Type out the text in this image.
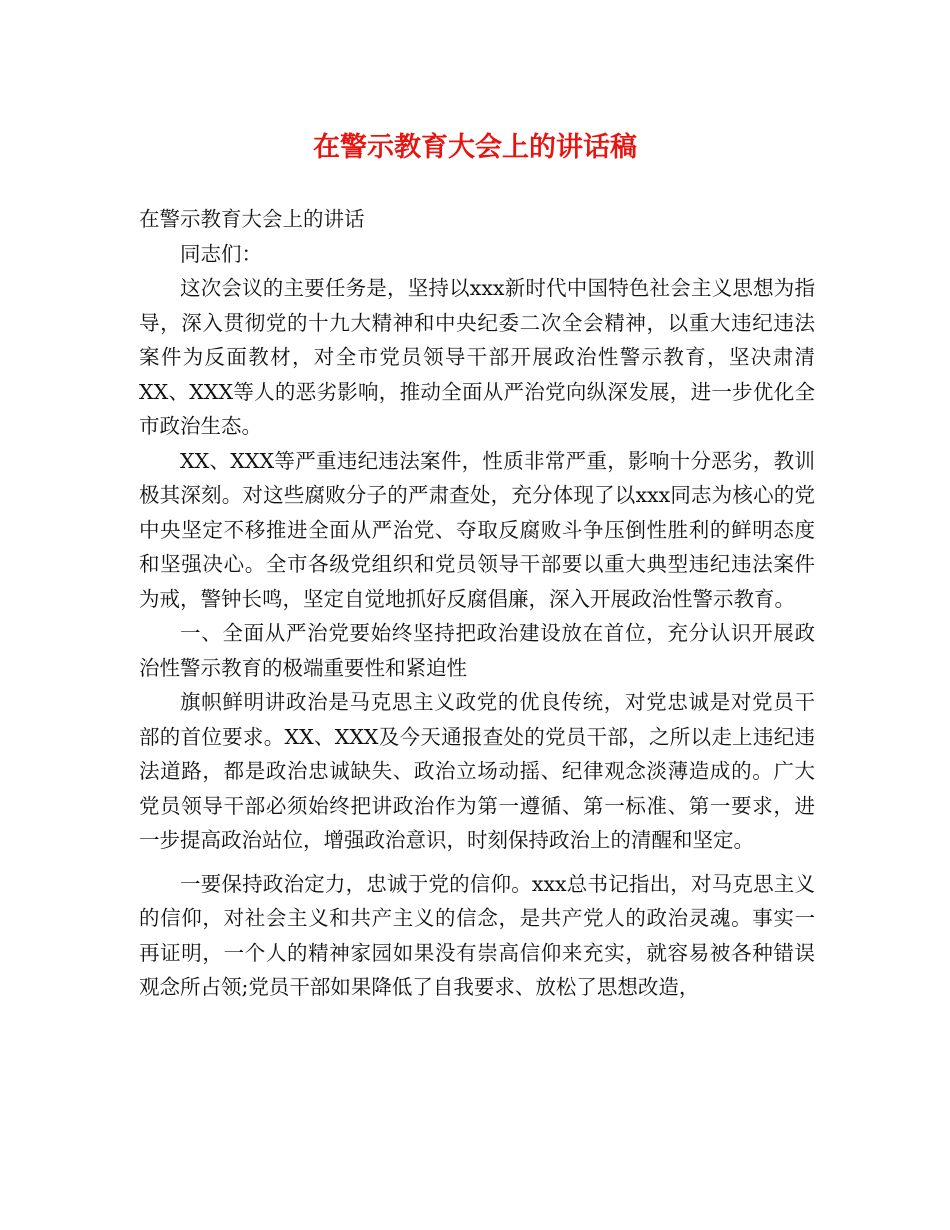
在警示教育大会上的讲话稿

在警示教育大会上的讲话

同志们：

这次会议的主要任务是，坚持以xxx新时代中国特色社会主义思想为指导，深入贯彻党的十九大精神和中央纪委二次全会精神，以重大违纪违法案件为反面教材，对全市党员领导干部开展政治性警示教育，坚决肃清XX、XXX等人的恶劣影响，推动全面从严治党向纵深发展，进一步优化全市政治生态。

XX、XXX等严重违纪违法案件，性质非常严重，影响十分恶劣，教训极其深刻。对这些腐败分子的严肃查处，充分体现了以xxx同志为核心的党中央坚定不移推进全面从严治党、夺取反腐败斗争压倒性胜利的鲜明态度和坚强决心。全市各级党组织和党员领导干部要以重大典型违纪违法案件为戒，警钟长鸣，坚定自觉地抓好反腐倡廉，深入开展政治性警示教育。

一、全面从严治党要始终坚持把政治建设放在首位，充分认识开展政治性警示教育的极端重要性和紧迫性

旗帜鲜明讲政治是马克思主义政党的优良传统，对党忠诚是对党员干部的首位要求。XX、XXX及今天通报查处的党员干部，之所以走上违纪违法道路，都是政治忠诚缺失、政治立场动摇、纪律观念淡薄造成的。广大党员领导干部必须始终把讲政治作为第一遵循、第一标准、第一要求，进一步提高政治站位，增强政治意识，时刻保持政治上的清醒和坚定。

一要保持政治定力，忠诚于党的信仰。xxx总书记指出，对马克思主义的信仰，对社会主义和共产主义的信念，是共产党人的政治灵魂。事实一再证明，一个人的精神家园如果没有崇高信仰来充实，就容易被各种错误观念所占领;党员干部如果降低了自我要求、放松了思想改造，
